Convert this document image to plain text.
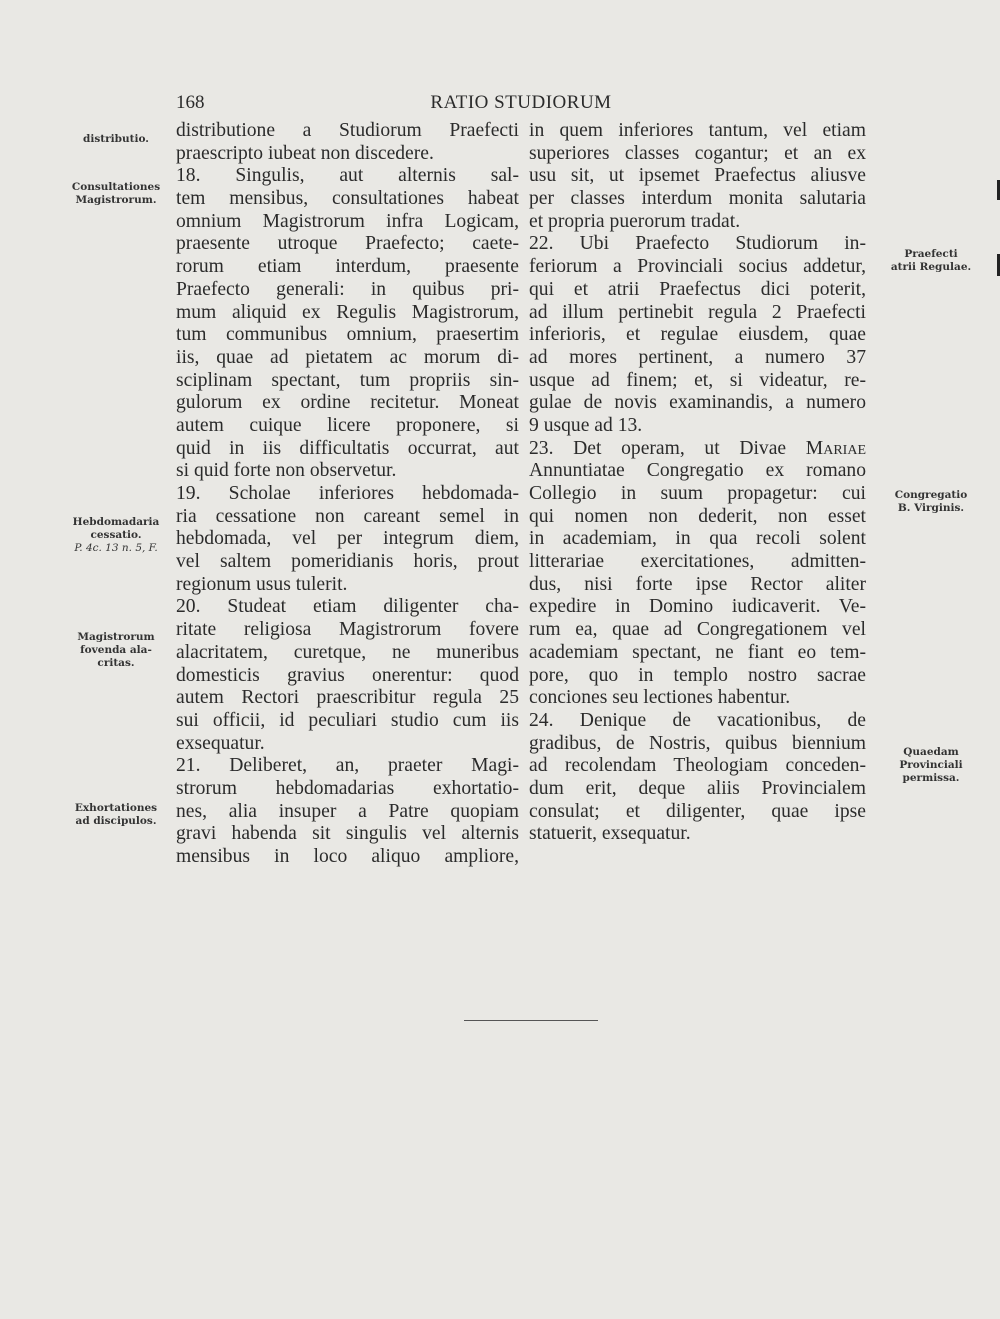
168	RATIO STUDIORUM
distributio.
Consultationes
Magistrorum.
Hebdomadaria
cessatio.
P. 4c. 13 n. 5, F.
Magistrorum
fovenda ala-
critas.
Exhortationes
ad discipulos.
Praefecti
atrii Regulae.
Congregatio
B. Virginis.
Quaedam
Provinciali
permissa.
distributione a Studiorum Praefecti
praescripto iubeat non discedere.
18. Singulis, aut alternis sal-
tem mensibus, consultationes habeat
omnium Magistrorum infra Logicam,
praesente utroque Praefecto; caete-
rorum etiam interdum, praesente
Praefecto generali: in quibus pri-
mum aliquid ex Regulis Magistrorum,
tum communibus omnium, praesertim
iis, quae ad pietatem ac morum di-
sciplinam spectant, tum propriis sin-
gulorum ex ordine recitetur. Moneat
autem cuique licere proponere, si
quid in iis difficultatis occurrat, aut
si quid forte non observetur.
19. Scholae inferiores hebdomada-
ria cessatione non careant semel in
hebdomada, vel per integrum diem,
vel saltem pomeridianis horis, prout
regionum usus tulerit.
20. Studeat etiam diligenter cha-
ritate religiosa Magistrorum fovere
alacritatem, curetque, ne muneribus
domesticis gravius onerentur: quod
autem Rectori praescribitur regula 25
sui officii, id peculiari studio cum iis
exsequatur.
21. Deliberet, an, praeter Magi-
strorum hebdomadarias exhortatio-
nes, alia insuper a Patre quopiam
gravi habenda sit singulis vel alternis
mensibus in loco aliquo ampliore,
in quem inferiores tantum, vel etiam
superiores classes cogantur; et an ex
usu sit, ut ipsemet Praefectus aliusve
per classes interdum monita salutaria
et propria puerorum tradat.
22. Ubi Praefecto Studiorum in-
feriorum a Provinciali socius addetur,
qui et atrii Praefectus dici poterit,
ad illum pertinebit regula 2 Praefecti
inferioris, et regulae eiusdem, quae
ad mores pertinent, a numero 37
usque ad finem; et, si videatur, re-
gulae de novis examinandis, a numero
9 usque ad 13.
23. Det operam, ut Divae Mariae
Annuntiatae Congregatio ex romano
Collegio in suum propagetur: cui
qui nomen non dederit, non esset
in academiam, in qua recoli solent
litterariae exercitationes, admitten-
dus, nisi forte ipse Rector aliter
expedire in Domino iudicaverit. Ve-
rum ea, quae ad Congregationem vel
academiam spectant, ne fiant eo tem-
pore, quo in templo nostro sacrae
conciones seu lectiones habentur.
24. Denique de vacationibus, de
gradibus, de Nostris, quibus biennium
ad recolendam Theologiam conceden-
dum erit, deque aliis Provincialem
consulat; et diligenter, quae ipse
statuerit, exsequatur.
